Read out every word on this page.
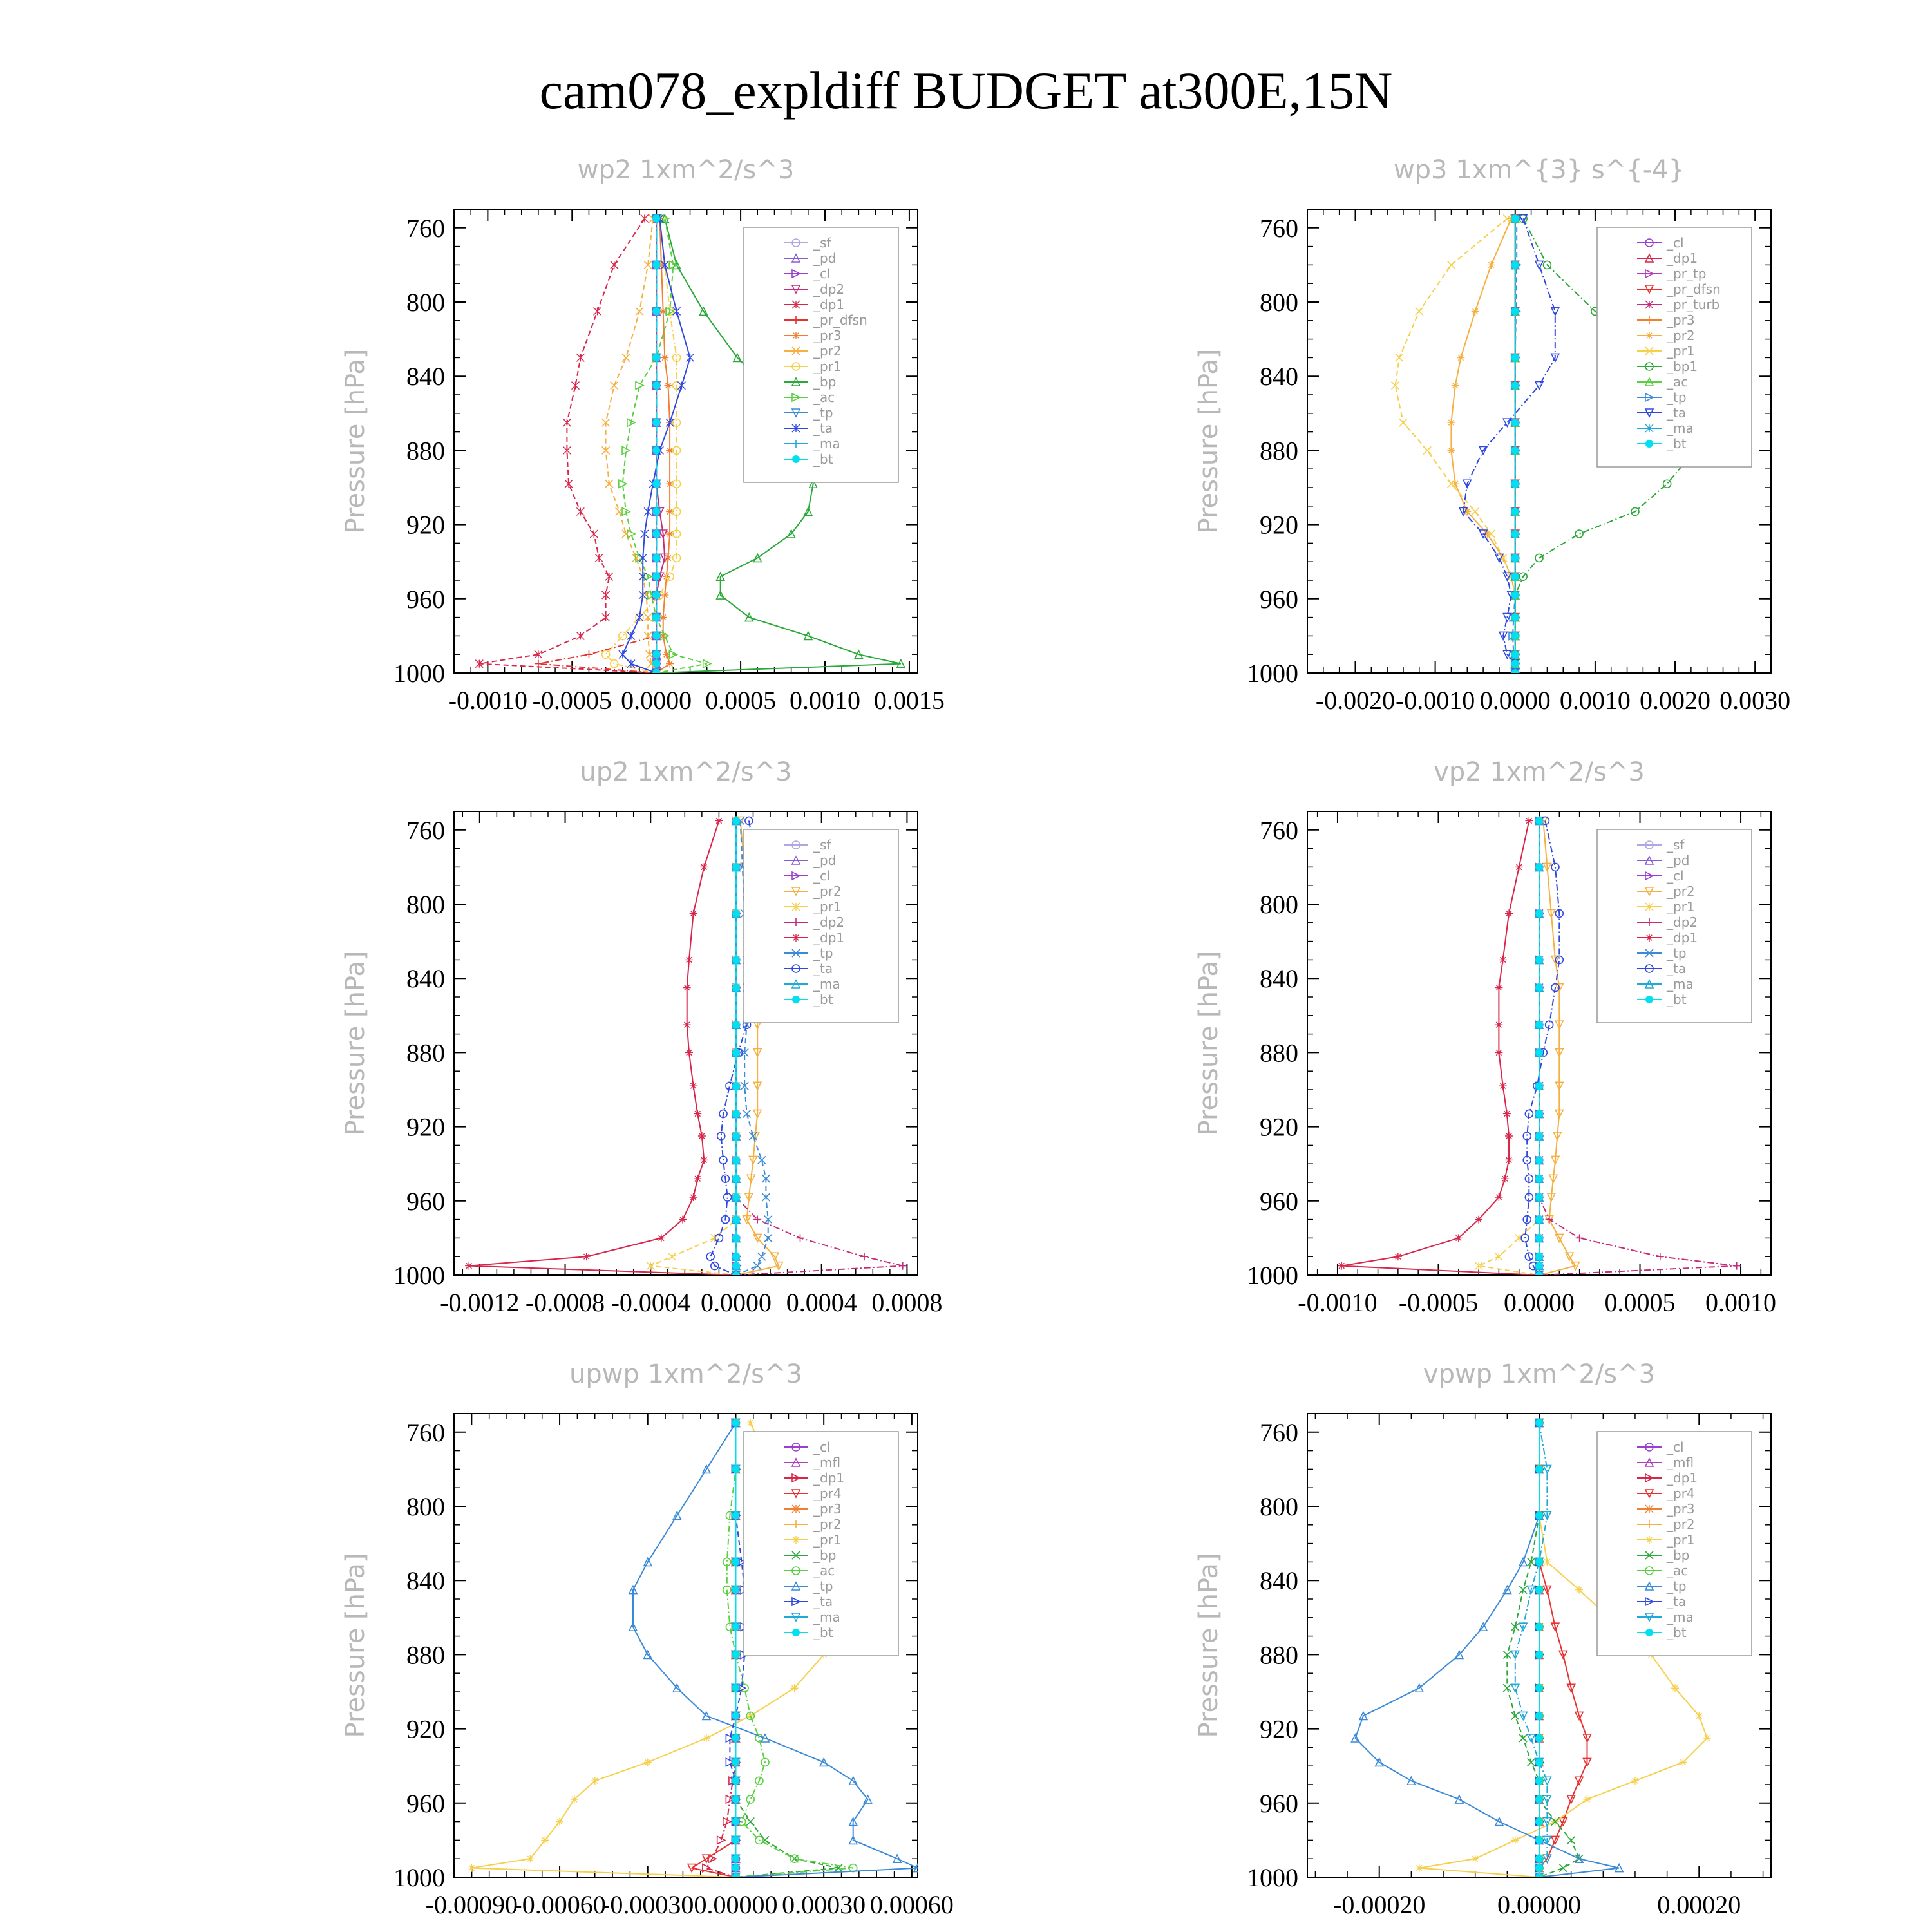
cam078_expldiff BUDGET at300E,15N
wp2 1xm^2/s^3
Pressure [hPa]
760
800
840
880
920
960
1000
-0.0010 -0.0005 0.0000 0.0005 0.0010 0.0015
_sf
_pd
_cl
_dp2
_dp1
_pr_dfsn
_pr3
_pr2
_pr1
_bp
_ac
_tp
_ta
_ma
_bt
wp3 1xm^{3} s^{-4}
Pressure [hPa]
760
800
840
880
920
960
1000
-0.0020 -0.0010 0.0000 0.0010 0.0020 0.0030
_cl
_dp1
_pr_tp
_pr_dfsn
_pr_turb
_pr3
_pr2
_pr1
_bp1
_ac
_tp
_ta
_ma
_bt
up2 1xm^2/s^3
Pressure [hPa]
760
800
840
880
920
960
1000
-0.0012 -0.0008 -0.0004 0.0000 0.0004 0.0008
_sf
_pd
_cl
_pr2
_pr1
_dp2
_dp1
_tp
_ta
_ma
_bt
vp2 1xm^2/s^3
Pressure [hPa]
760
800
840
880
920
960
1000
-0.0010 -0.0005 0.0000 0.0005 0.0010
_sf
_pd
_cl
_pr2
_pr1
_dp2
_dp1
_tp
_ta
_ma
_bt
upwp 1xm^2/s^3
Pressure [hPa]
760
800
840
880
920
960
1000
-0.00090
-0.00060
-0.00030 0.00000 0.00030 0.00060
_cl
_mfl
_dp1
_pr4
_pr3
_pr2
_pr1
_bp
_ac
_tp
_ta
_ma
_bt
vpwp 1xm^2/s^3
Pressure [hPa]
760
800
840
880
920
960
1000
-0.00020	0.00000	0.00020
_cl
_mfl
_dp1
_pr4
_pr3
_pr2
_pr1
_bp
_ac
_tp
_ta
_ma
_bt
